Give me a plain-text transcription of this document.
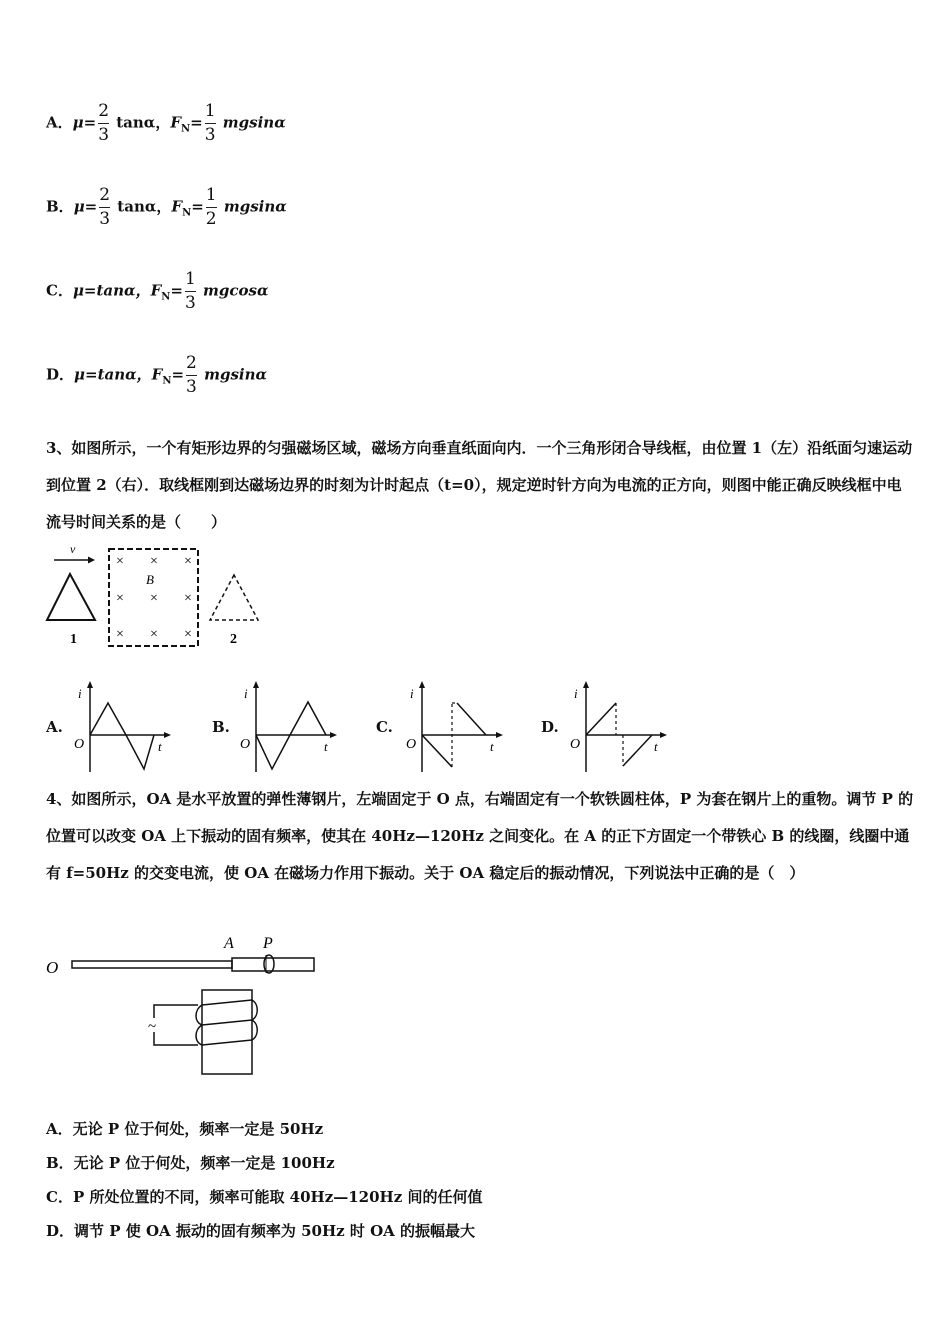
A．$\mu= \frac{2}{3}$ tanα，$F_N= \frac{1}{3}$ mgsinα
B．$\mu= \frac{2}{3}$ tanα，$F_N= \frac{1}{2}$ mgsinα
C．μ=tanα，$F_N= \frac{1}{3}$ mgcosα
D．μ=tanα，$F_N= \frac{2}{3}$ mgsinα
3、如图所示，一个有矩形边界的匀强磁场区域，磁场方向垂直纸面向内．一个三角形闭合导线框，由位置 1（左）沿纸面匀速运动到位置 2（右）．取线框刚到达磁场边界的时刻为计时起点（t=0），规定逆时针方向为电流的正方向，则图中能正确反映线框中电流号时间关系的是（　　）
v
1
× × ×
× × ×
× × ×
B
2
A.
i
t
O
B.
i
t
O
C.
i
t
O
D.
i
t
O
4、如图所示，OA 是水平放置的弹性薄钢片，左端固定于 O 点，右端固定有一个软铁圆柱体，P 为套在钢片上的重物。调节 P 的位置可以改变 OA 上下振动的固有频率，使其在 40Hz—120Hz 之间变化。在 A 的正下方固定一个带铁心 B 的线圈，线圈中通有 f=50Hz 的交变电流，使 OA 在磁场力作用下振动。关于 OA 稳定后的振动情况，下列说法中正确的是（　）
O
A P
~
A．无论 P 位于何处，频率一定是 50Hz
B．无论 P 位于何处，频率一定是 100Hz
C．P 所处位置的不同，频率可能取 40Hz—120Hz 间的任何值
D．调节 P 使 OA 振动的固有频率为 50Hz 时 OA 的振幅最大
